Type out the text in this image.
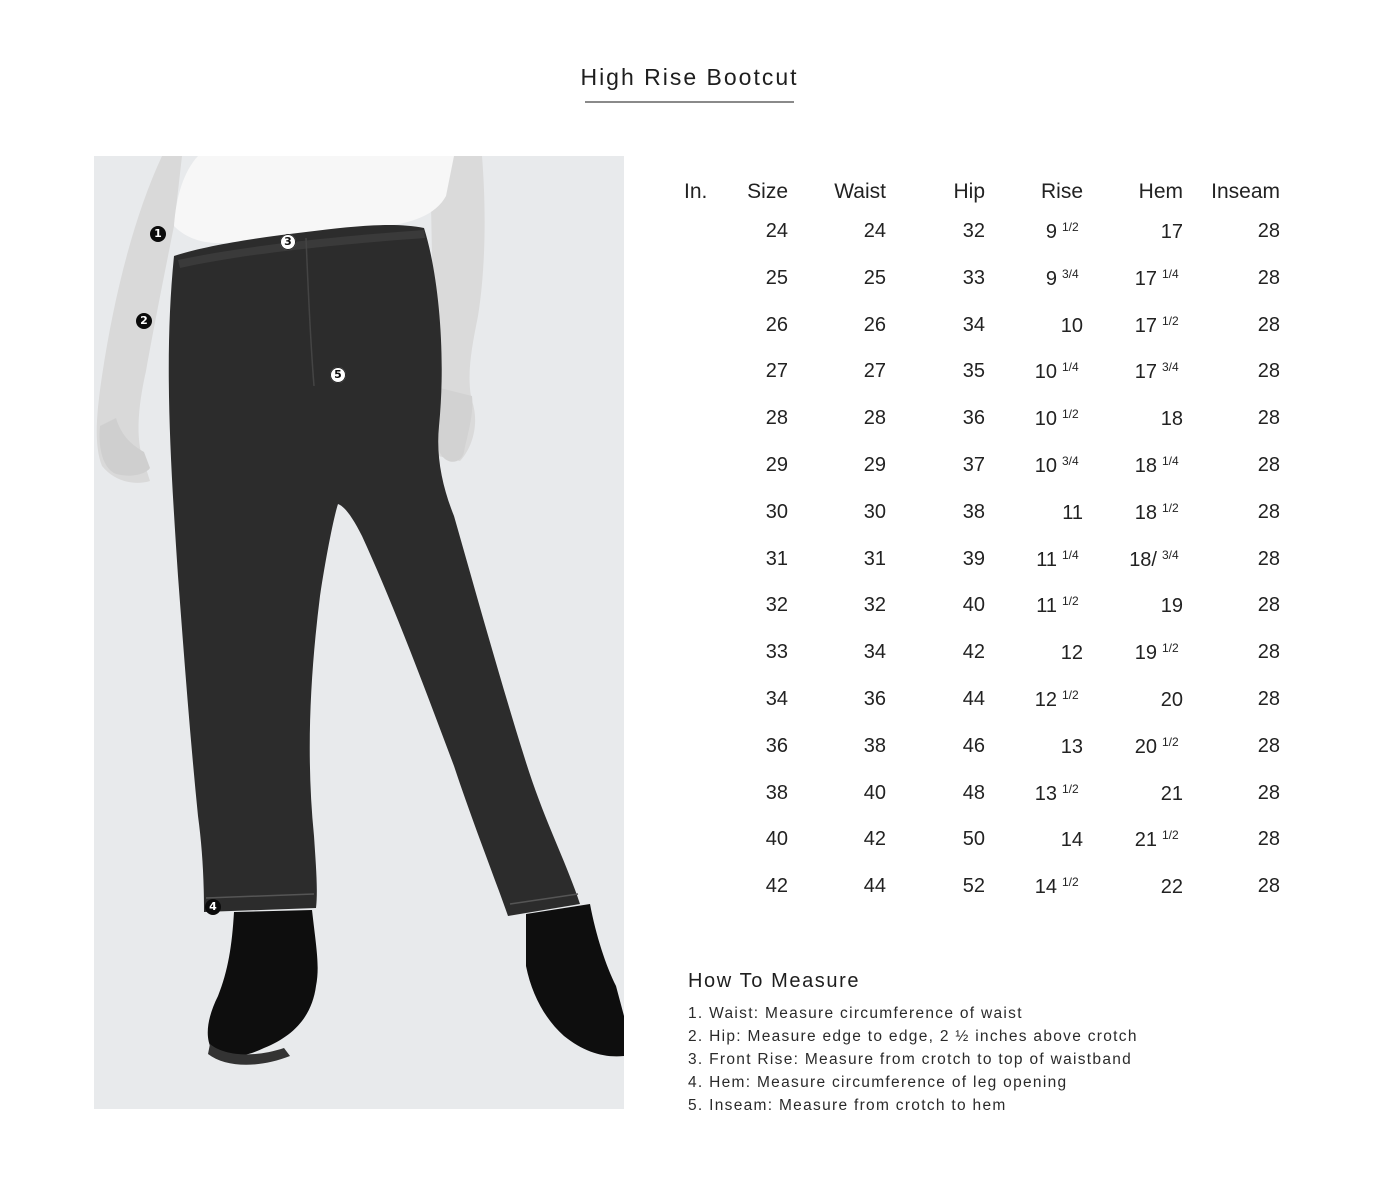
High Rise Bootcut
1
2
3
4
5
In.	Size	Waist	Hip	Rise	Hem	Inseam
	24	24	32	9 1/2	17	28
	25	25	33	9 3/4	17 1/4	28
	26	26	34	10	17 1/2	28
	27	27	35	10 1/4	17 3/4	28
	28	28	36	10 1/2	18	28
	29	29	37	10 3/4	18 1/4	28
	30	30	38	11	18 1/2	28
	31	31	39	11 1/4	18/ 3/4	28
	32	32	40	11 1/2	19	28
	33	34	42	12	19 1/2	28
	34	36	44	12 1/2	20	28
	36	38	46	13	20 1/2	28
	38	40	48	13 1/2	21	28
	40	42	50	14	21 1/2	28
	42	44	52	14 1/2	22	28
How To Measure
1. Waist: Measure circumference of waist
2. Hip: Measure edge to edge, 2 ½ inches above crotch
3. Front Rise: Measure from crotch to top of waistband
4. Hem: Measure circumference of leg opening
5. Inseam: Measure from crotch to hem
